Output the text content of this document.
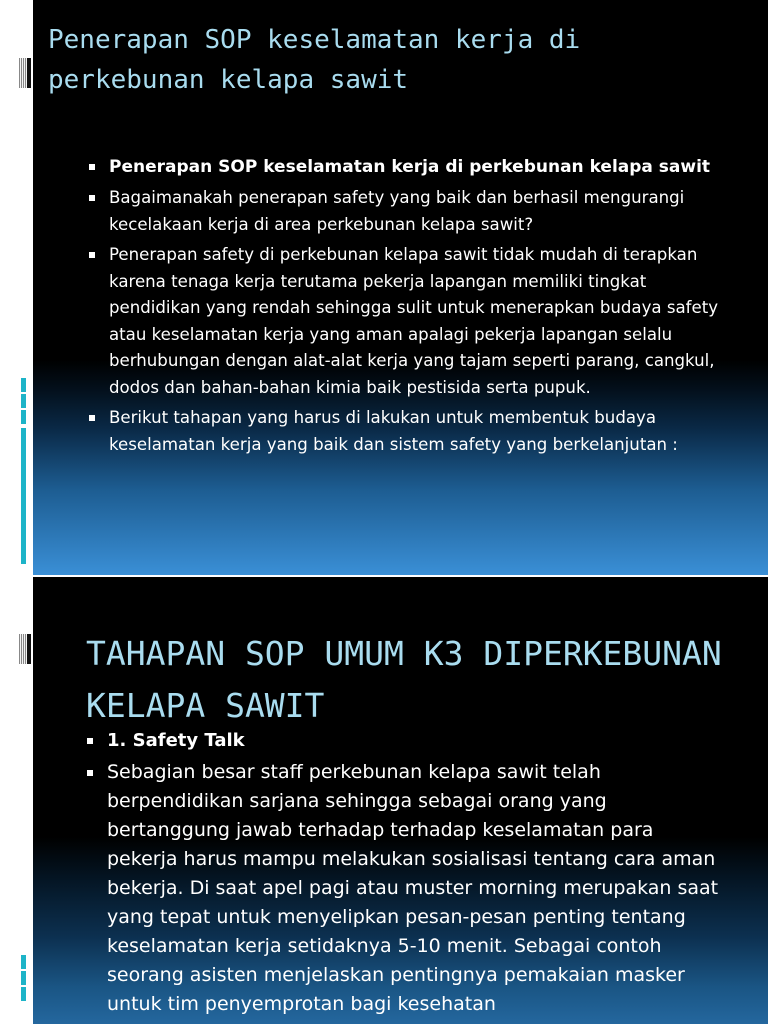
Penerapan SOP keselamatan kerja di perkebunan kelapa sawit
Penerapan SOP keselamatan kerja di perkebunan kelapa sawit
Bagaimanakah penerapan safety yang baik dan berhasil mengurangi kecelakaan kerja di area perkebunan kelapa sawit?
Penerapan safety di perkebunan kelapa sawit tidak mudah di terapkan karena tenaga kerja terutama pekerja lapangan memiliki tingkat pendidikan yang rendah sehingga sulit untuk menerapkan budaya safety atau keselamatan kerja yang aman apalagi pekerja lapangan selalu berhubungan dengan alat-alat kerja yang tajam seperti parang, cangkul, dodos dan bahan-bahan kimia baik pestisida serta pupuk.
Berikut tahapan yang harus di lakukan untuk membentuk budaya keselamatan kerja yang baik dan sistem safety yang berkelanjutan :
TAHAPAN SOP UMUM K3 DIPERKEBUNAN KELAPA SAWIT
1. Safety Talk
Sebagian besar staff perkebunan kelapa sawit telah berpendidikan sarjana sehingga sebagai orang yang bertanggung jawab terhadap terhadap keselamatan para pekerja harus mampu melakukan sosialisasi tentang cara aman bekerja. Di saat apel pagi atau muster morning merupakan saat yang tepat untuk menyelipkan pesan-pesan penting tentang keselamatan kerja setidaknya 5-10 menit. Sebagai contoh seorang asisten menjelaskan pentingnya pemakaian masker untuk tim penyemprotan bagi kesehatan
